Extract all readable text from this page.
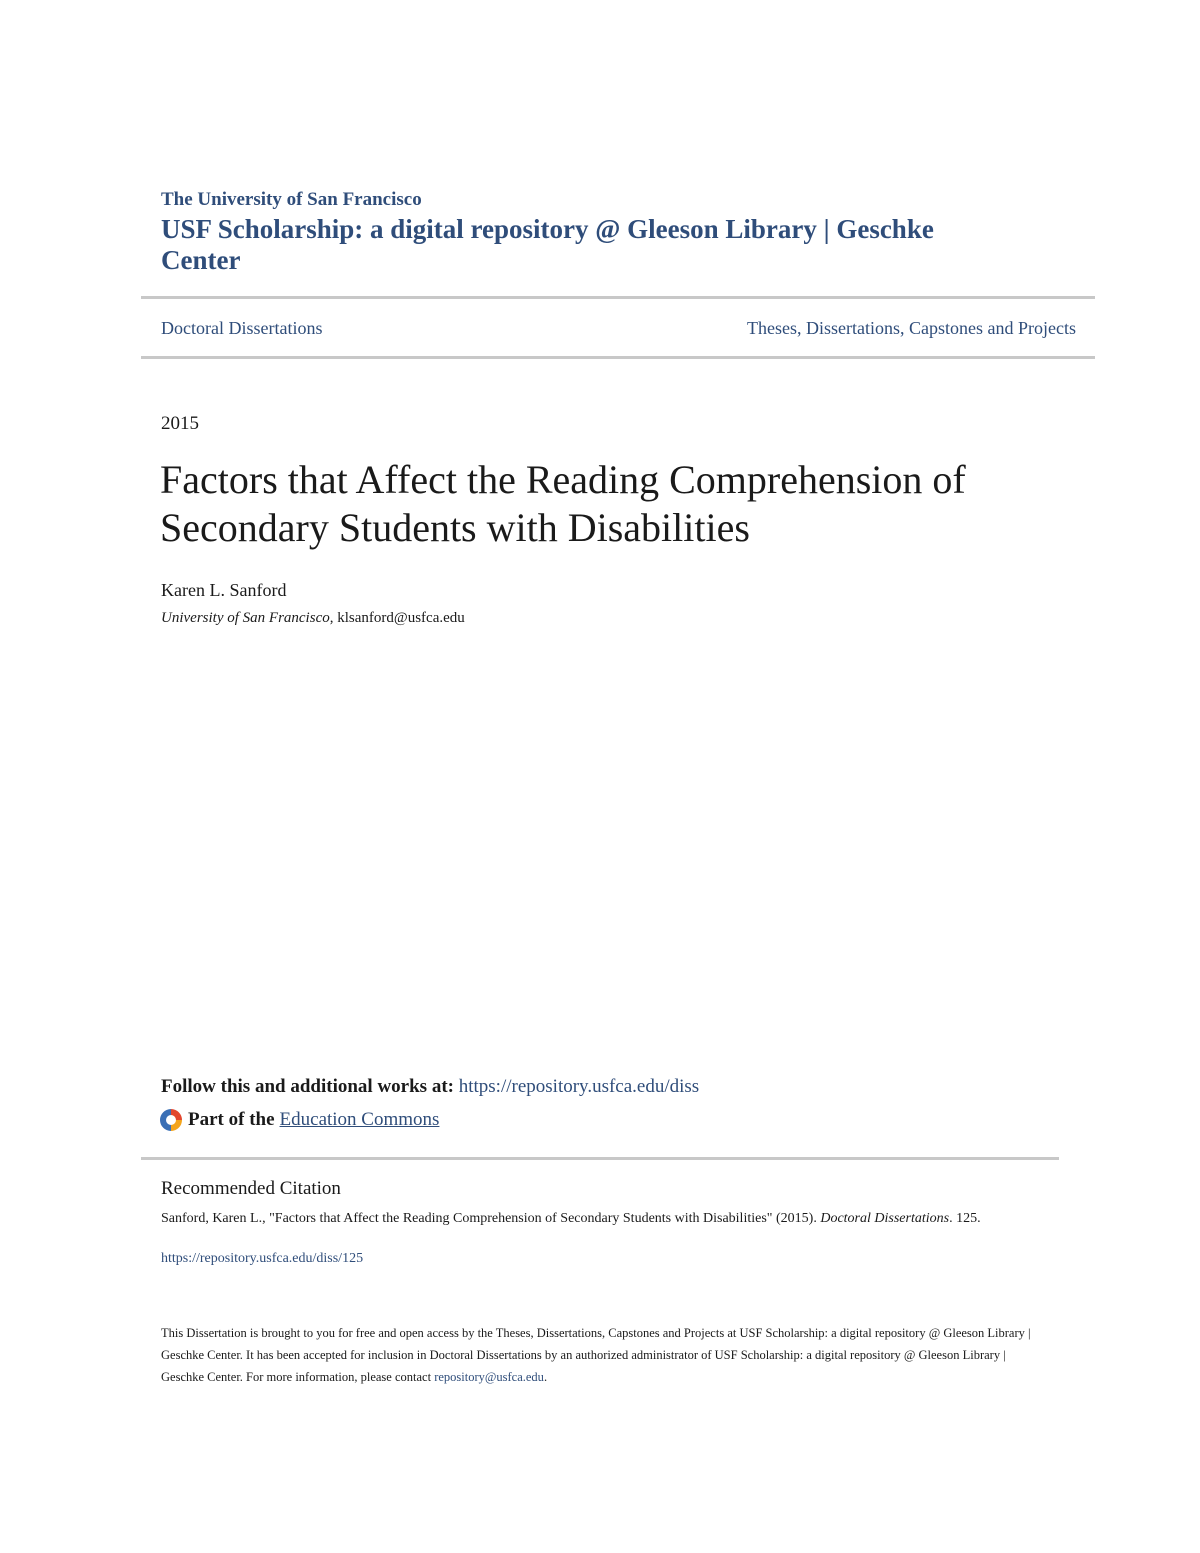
The University of San Francisco
USF Scholarship: a digital repository @ Gleeson Library | Geschke Center
Doctoral Dissertations	Theses, Dissertations, Capstones and Projects
2015
Factors that Affect the Reading Comprehension of Secondary Students with Disabilities
Karen L. Sanford
University of San Francisco, klsanford@usfca.edu
Follow this and additional works at: https://repository.usfca.edu/diss
Part of the Education Commons
Recommended Citation
Sanford, Karen L., "Factors that Affect the Reading Comprehension of Secondary Students with Disabilities" (2015). Doctoral Dissertations. 125.
https://repository.usfca.edu/diss/125
This Dissertation is brought to you for free and open access by the Theses, Dissertations, Capstones and Projects at USF Scholarship: a digital repository @ Gleeson Library | Geschke Center. It has been accepted for inclusion in Doctoral Dissertations by an authorized administrator of USF Scholarship: a digital repository @ Gleeson Library | Geschke Center. For more information, please contact repository@usfca.edu.
